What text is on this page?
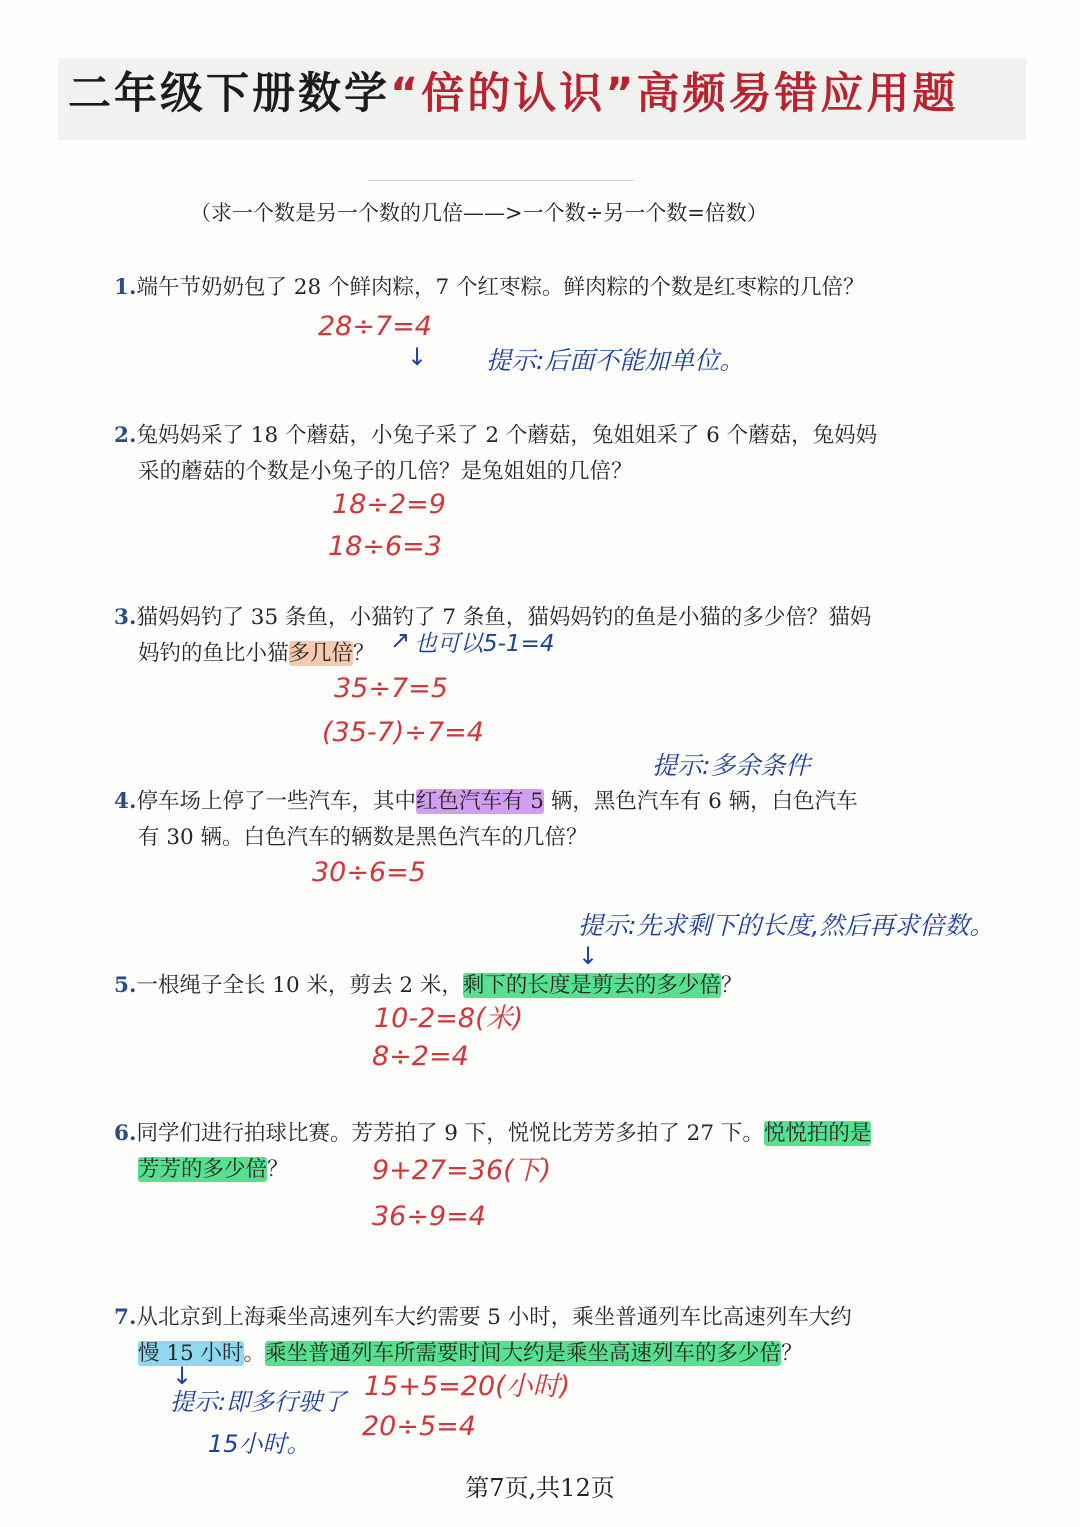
二年级下册数学“倍的认识”高频易错应用题
（求一个数是另一个数的几倍——>一个数÷另一个数=倍数）
1.端午节奶奶包了 28 个鲜肉粽，7 个红枣粽。鲜肉粽的个数是红枣粽的几倍？
28÷7=4
↓ 提示:后面不能加单位。
2.兔妈妈采了 18 个蘑菇，小兔子采了 2 个蘑菇，兔姐姐采了 6 个蘑菇，兔妈妈
采的蘑菇的个数是小兔子的几倍？是兔姐姐的几倍？
18÷2=9
18÷6=3
3.猫妈妈钓了 35 条鱼，小猫钓了 7 条鱼，猫妈妈钓的鱼是小猫的多少倍？猫妈
妈钓的鱼比小猫多几倍？ ↗ 也可以5-1=4
35÷7=5
(35-7)÷7=4
提示:多余条件
4.停车场上停了一些汽车，其中红色汽车有 5 辆，黑色汽车有 6 辆，白色汽车
有 30 辆。白色汽车的辆数是黑色汽车的几倍？
30÷6=5
提示:先求剩下的长度,然后再求倍数。
↓
5.一根绳子全长 10 米，剪去 2 米，剩下的长度是剪去的多少倍？
10-2=8(米)
8÷2=4
6.同学们进行拍球比赛。芳芳拍了 9 下，悦悦比芳芳多拍了 27 下。悦悦拍的是
芳芳的多少倍？	9+27=36(下)
36÷9=4
7.从北京到上海乘坐高速列车大约需要 5 小时，乘坐普通列车比高速列车大约
慢 15 小时。乘坐普通列车所需要时间大约是乘坐高速列车的多少倍？
↓
提示:即多行驶了
15小时。
15+5=20(小时)
20÷5=4
第7页,共12页
